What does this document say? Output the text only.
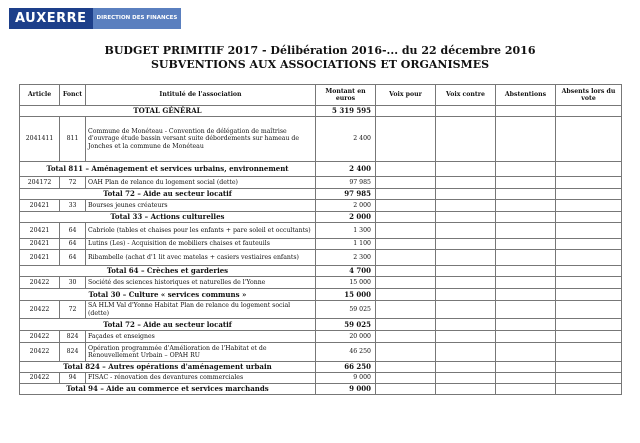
AUXERRE	DIRECTION DES FINANCES
BUDGET PRIMITIF 2017 - Délibération 2016-... du 22 décembre 2016
SUBVENTIONS AUX ASSOCIATIONS ET ORGANISMES
Article	Fonct	Intitulé de l'association	Montant en euros	Voix pour	Voix contre	Abstentions	Absents lors du vote
TOTAL GÉNÉRAL			5 319 595				
2041411	811	Commune de Monéteau - Convention de délégation de maîtrise d'ouvrage étude bassin versant suite débordements sur hameau de Jonches et la commune de Monéteau	2 400				
Total 811 – Aménagement et services urbains, environnement			2 400				
204172	72	OAH Plan de relance du logement social (dette)	97 985				
Total 72 – Aide au secteur locatif			97 985				
20421	33	Bourses jeunes créateurs	2 000				
Total 33 – Actions culturelles			2 000				
20421	64	Cabriole (tables et chaises pour les enfants + pare soleil et occultants)	1 300				
20421	64	Lutins (Les) - Acquisition de mobiliers chaises et fauteuils	1 100				
20421	64	Ribambelle (achat d'1 lit avec matelas + casiers vestiaires enfants)	2 300				
Total 64 – Crèches et garderies			4 700				
20422	30	Société des sciences historiques et naturelles de l'Yonne	15 000				
Total 30 – Culture « services communs »			15 000				
20422	72	SA HLM Val d'Yonne Habitat Plan de relance du logement social (dette)	59 025				
Total 72 – Aide au secteur locatif			59 025				
20422	824	Façades et enseignes	20 000				
20422	824	Opération programmée d'Amélioration de l'Habitat et de Renouvellement Urbain – OPAH RU	46 250				
Total 824 – Autres opérations d'aménagement urbain			66 250				
20422	94	FISAC - rénovation des devantures commerciales	9 000				
Total 94 – Aide au commerce et services marchands			9 000				
